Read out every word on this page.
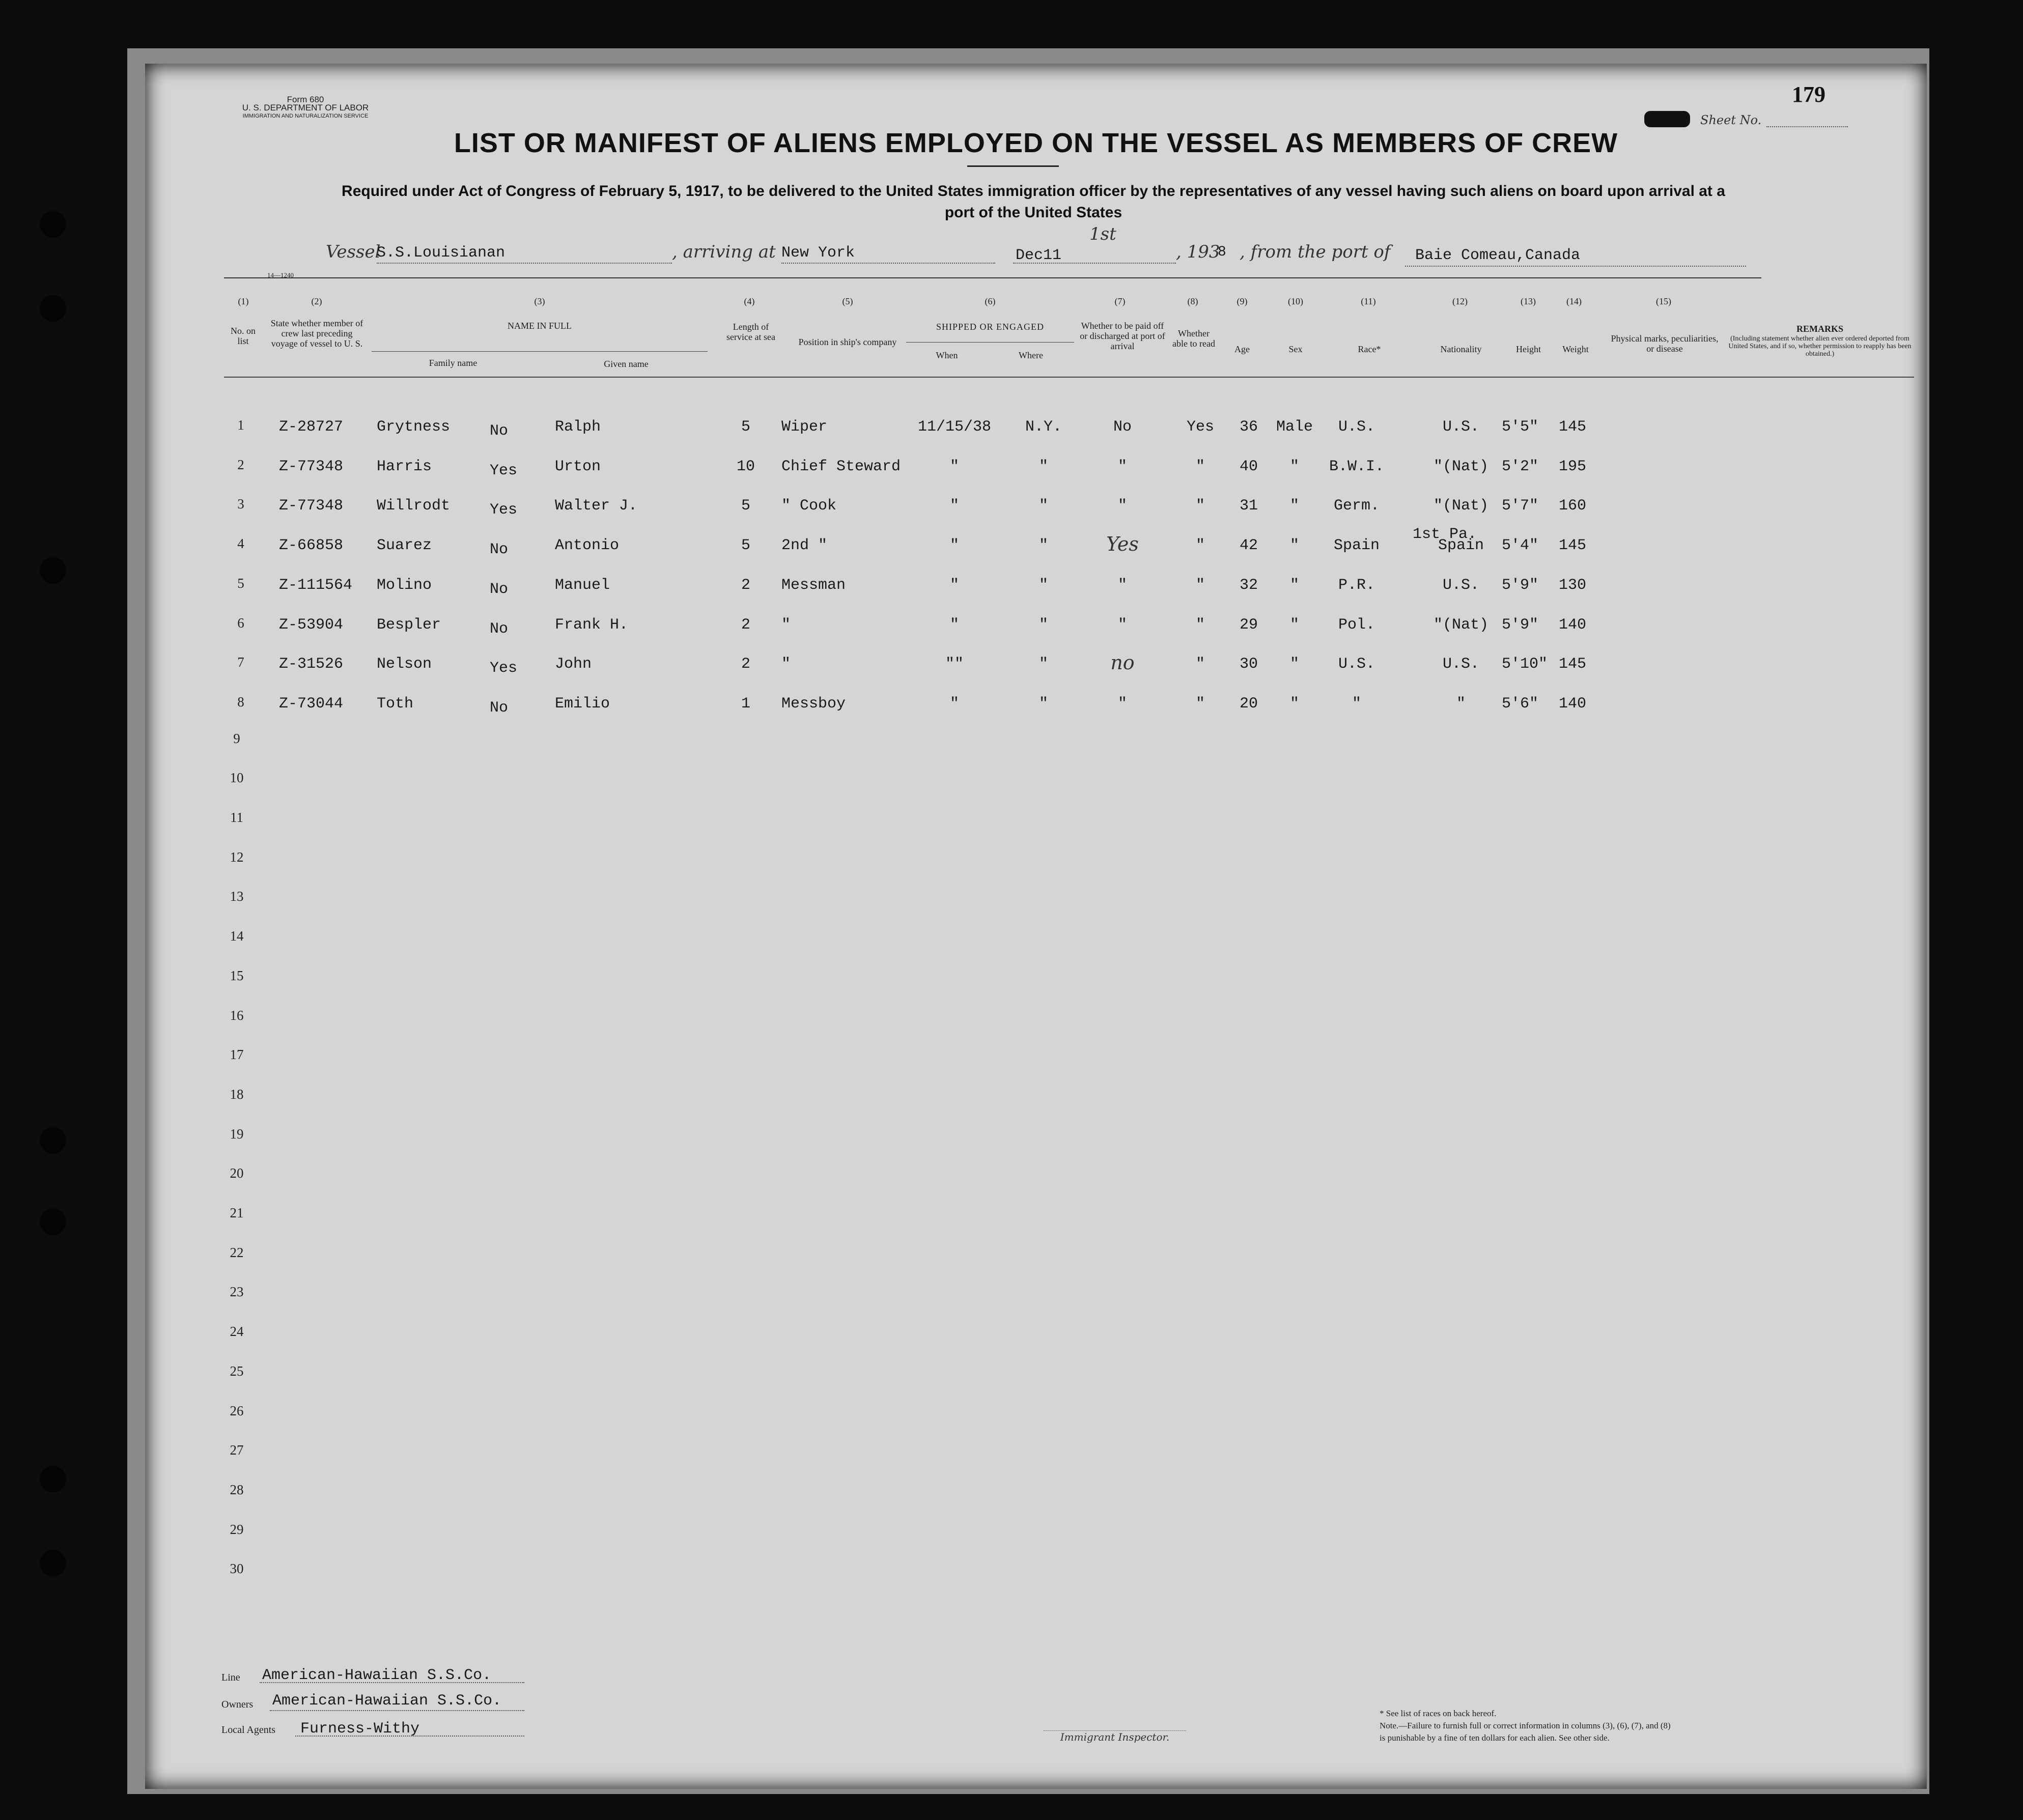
Form 680
U. S. DEPARTMENT OF LABOR
IMMIGRATION AND NATURALIZATION SERVICE
179
Sheet No.
LIST OR MANIFEST OF ALIENS EMPLOYED ON THE VESSEL AS MEMBERS OF CREW
Required under Act of Congress of February 5, 1917, to be delivered to the United States immigration officer by the representatives of any vessel having such aliens on board upon arrival at a
port of the United States
Vessel
S.S.Louisianan	, arriving at New York	Dec11
1st
, 193
8 , from the port of Baie Comeau,Canada
14—1240
(1)	(2)	(3)	(4)	(5)	(6)	(7)	(8)	(9)	(10)	(11)	(12)	(13)	(14)	(15)
No. on list
State whether member of crew last preceding voyage of vessel to U. S.
NAME IN FULL
Family name	Given name
Length of service at sea	Position in ship's company
SHIPPED OR ENGAGED
When	Where
Whether to be paid off or discharged at port of arrival
Whether able to read
Age	Sex	Race*	Nationality	Height	Weight
Physical marks, peculiarities, or disease
REMARKS
(Including statement whether alien ever ordered deported from United States, and if so, whether permission to reapply has been obtained.)
1	Z-28727 Grytness	No	Ralph	5	Wiper	11/15/38	N.Y.	No	Yes	36	Male	U.S.	U.S.	5'5" 145
2	Z-77348 Harris	Yes Urton	10	Chief Steward	"	"	"	"	40	"	B.W.I.	"(Nat) 5'2" 195
3	Z-77348 Willrodt	Yes Walter J.	5	" Cook	"	"	"	"	31	"	Germ.	"(Nat) 5'7" 160
4	Z-66858 Suarez	No	Antonio	5	2nd "	"	"	Yes	"	42	"	Spain	Spain	5'4" 145
1st Pa.
5	Z-111564 Molino	No	Manuel	2	Messman	"	"	"	"	32	"	P.R.	U.S.	5'9" 130
6	Z-53904 Bespler	No	Frank H.	2	"	"	"	"	"	29	"	Pol.	"(Nat) 5'9" 140
7	Z-31526 Nelson	Yes John	2	"	""	"	no	"	30	"	U.S.	U.S.	5'10" 145
8	Z-73044 Toth	No	Emilio	1	Messboy	"	"	"	"	20	"	"	"	5'6" 140
9
10
11
12
13
14
15
16
17
18
19
20
21
22
23
24
25
26
27
28
29
30
Line American-Hawaiian S.S.Co.
Owners American-Hawaiian S.S.Co.
Local Agents Furness-Withy	Immigrant Inspector.
* See list of races on back hereof.
Note.—Failure to furnish full or correct information in columns (3), (6), (7), and (8)
is punishable by a fine of ten dollars for each alien. See other side.
